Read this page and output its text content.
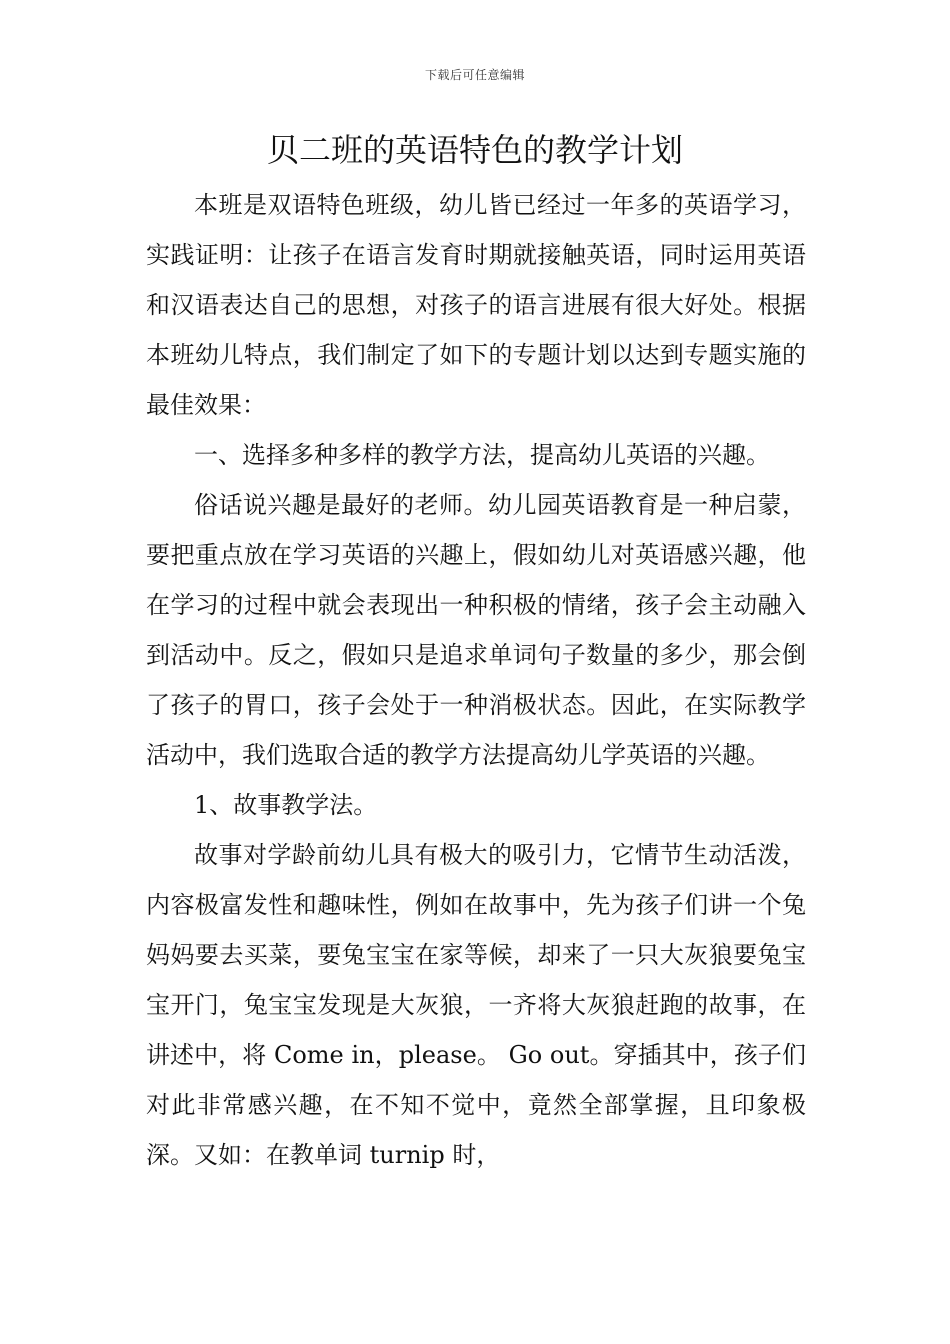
下载后可任意编辑
贝二班的英语特色的教学计划

本班是双语特色班级，幼儿皆已经过一年多的英语学习，实践证明：让孩子在语言发育时期就接触英语，同时运用英语和汉语表达自己的思想，对孩子的语言进展有很大好处。根据本班幼儿特点，我们制定了如下的专题计划以达到专题实施的最佳效果：

一、选择多种多样的教学方法，提高幼儿英语的兴趣。

俗话说兴趣是最好的老师。幼儿园英语教育是一种启蒙，要把重点放在学习英语的兴趣上，假如幼儿对英语感兴趣，他在学习的过程中就会表现出一种积极的情绪，孩子会主动融入到活动中。反之，假如只是追求单词句子数量的多少，那会倒了孩子的胃口，孩子会处于一种消极状态。因此，在实际教学活动中，我们选取合适的教学方法提高幼儿学英语的兴趣。

1、故事教学法。

故事对学龄前幼儿具有极大的吸引力，它情节生动活泼，内容极富发性和趣味性，例如在故事中，先为孩子们讲一个兔妈妈要去买菜，要兔宝宝在家等候，却来了一只大灰狼要兔宝宝开门，兔宝宝发现是大灰狼，一齐将大灰狼赶跑的故事，在讲述中，将 Come in，please。 Go out。穿插其中，孩子们对此非常感兴趣，在不知不觉中，竟然全部掌握，且印象极深。又如：在教单词 turnip 时，
